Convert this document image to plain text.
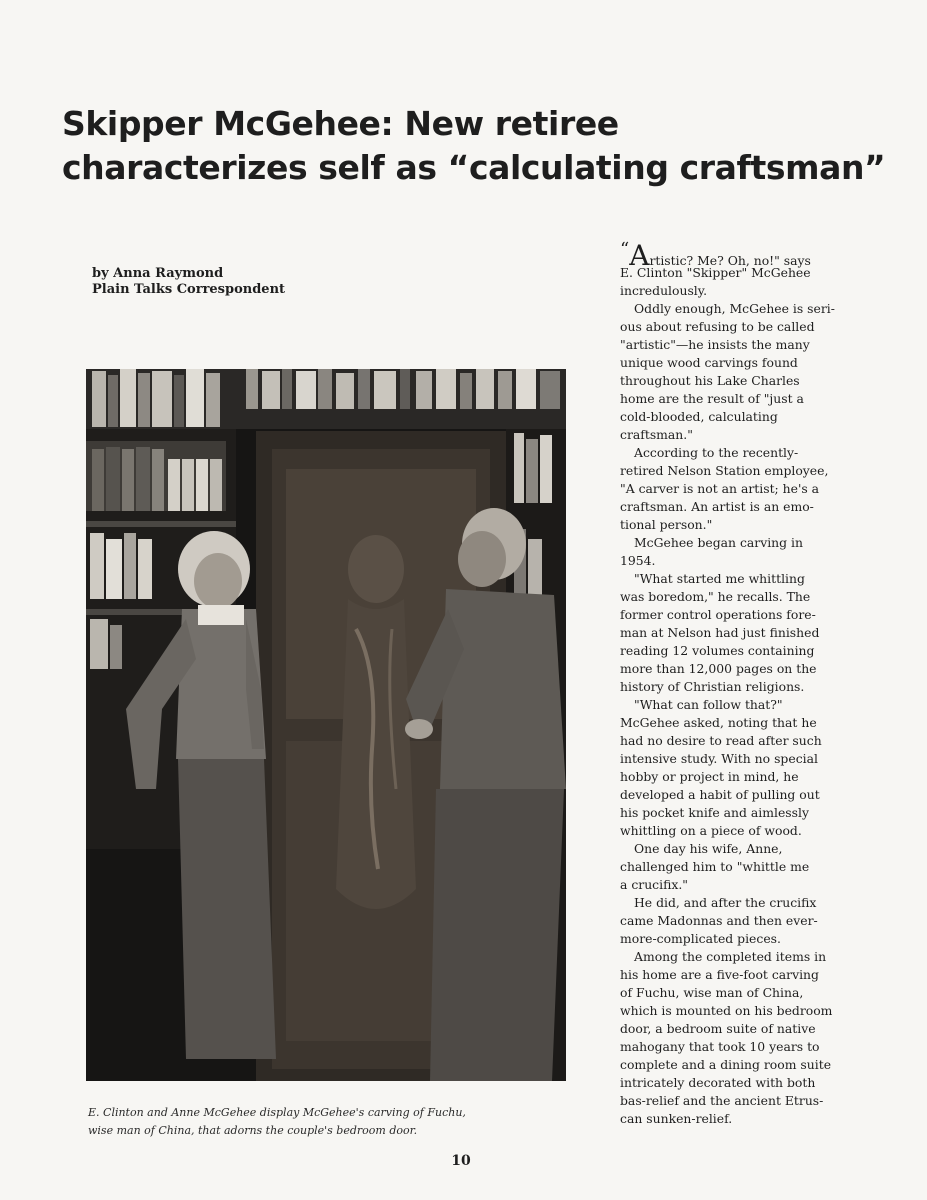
Skipper McGehee: New retiree
characterizes self as “calculating craftsman”
by Anna Raymond
Plain Talks Correspondent
E. Clinton and Anne McGehee display McGehee's carving of Fuchu,
wise man of China, that adorns the couple's bedroom door.
“Artistic? Me? Oh, no!" says
E. Clinton "Skipper" McGehee
incredulously.
Oddly enough, McGehee is seri-
ous about refusing to be called
"artistic"—he insists the many
unique wood carvings found
throughout his Lake Charles
home are the result of "just a
cold-blooded, calculating
craftsman."
According to the recently-
retired Nelson Station employee,
"A carver is not an artist; he's a
craftsman. An artist is an emo-
tional person."
McGehee began carving in
1954.
"What started me whittling
was boredom," he recalls. The
former control operations fore-
man at Nelson had just finished
reading 12 volumes containing
more than 12,000 pages on the
history of Christian religions.
"What can follow that?"
McGehee asked, noting that he
had no desire to read after such
intensive study. With no special
hobby or project in mind, he
developed a habit of pulling out
his pocket knife and aimlessly
whittling on a piece of wood.
One day his wife, Anne,
challenged him to "whittle me
a crucifix."
He did, and after the crucifix
came Madonnas and then ever-
more-complicated pieces.
Among the completed items in
his home are a five-foot carving
of Fuchu, wise man of China,
which is mounted on his bedroom
door, a bedroom suite of native
mahogany that took 10 years to
complete and a dining room suite
intricately decorated with both
bas-relief and the ancient Etrus-
can sunken-relief.
10
